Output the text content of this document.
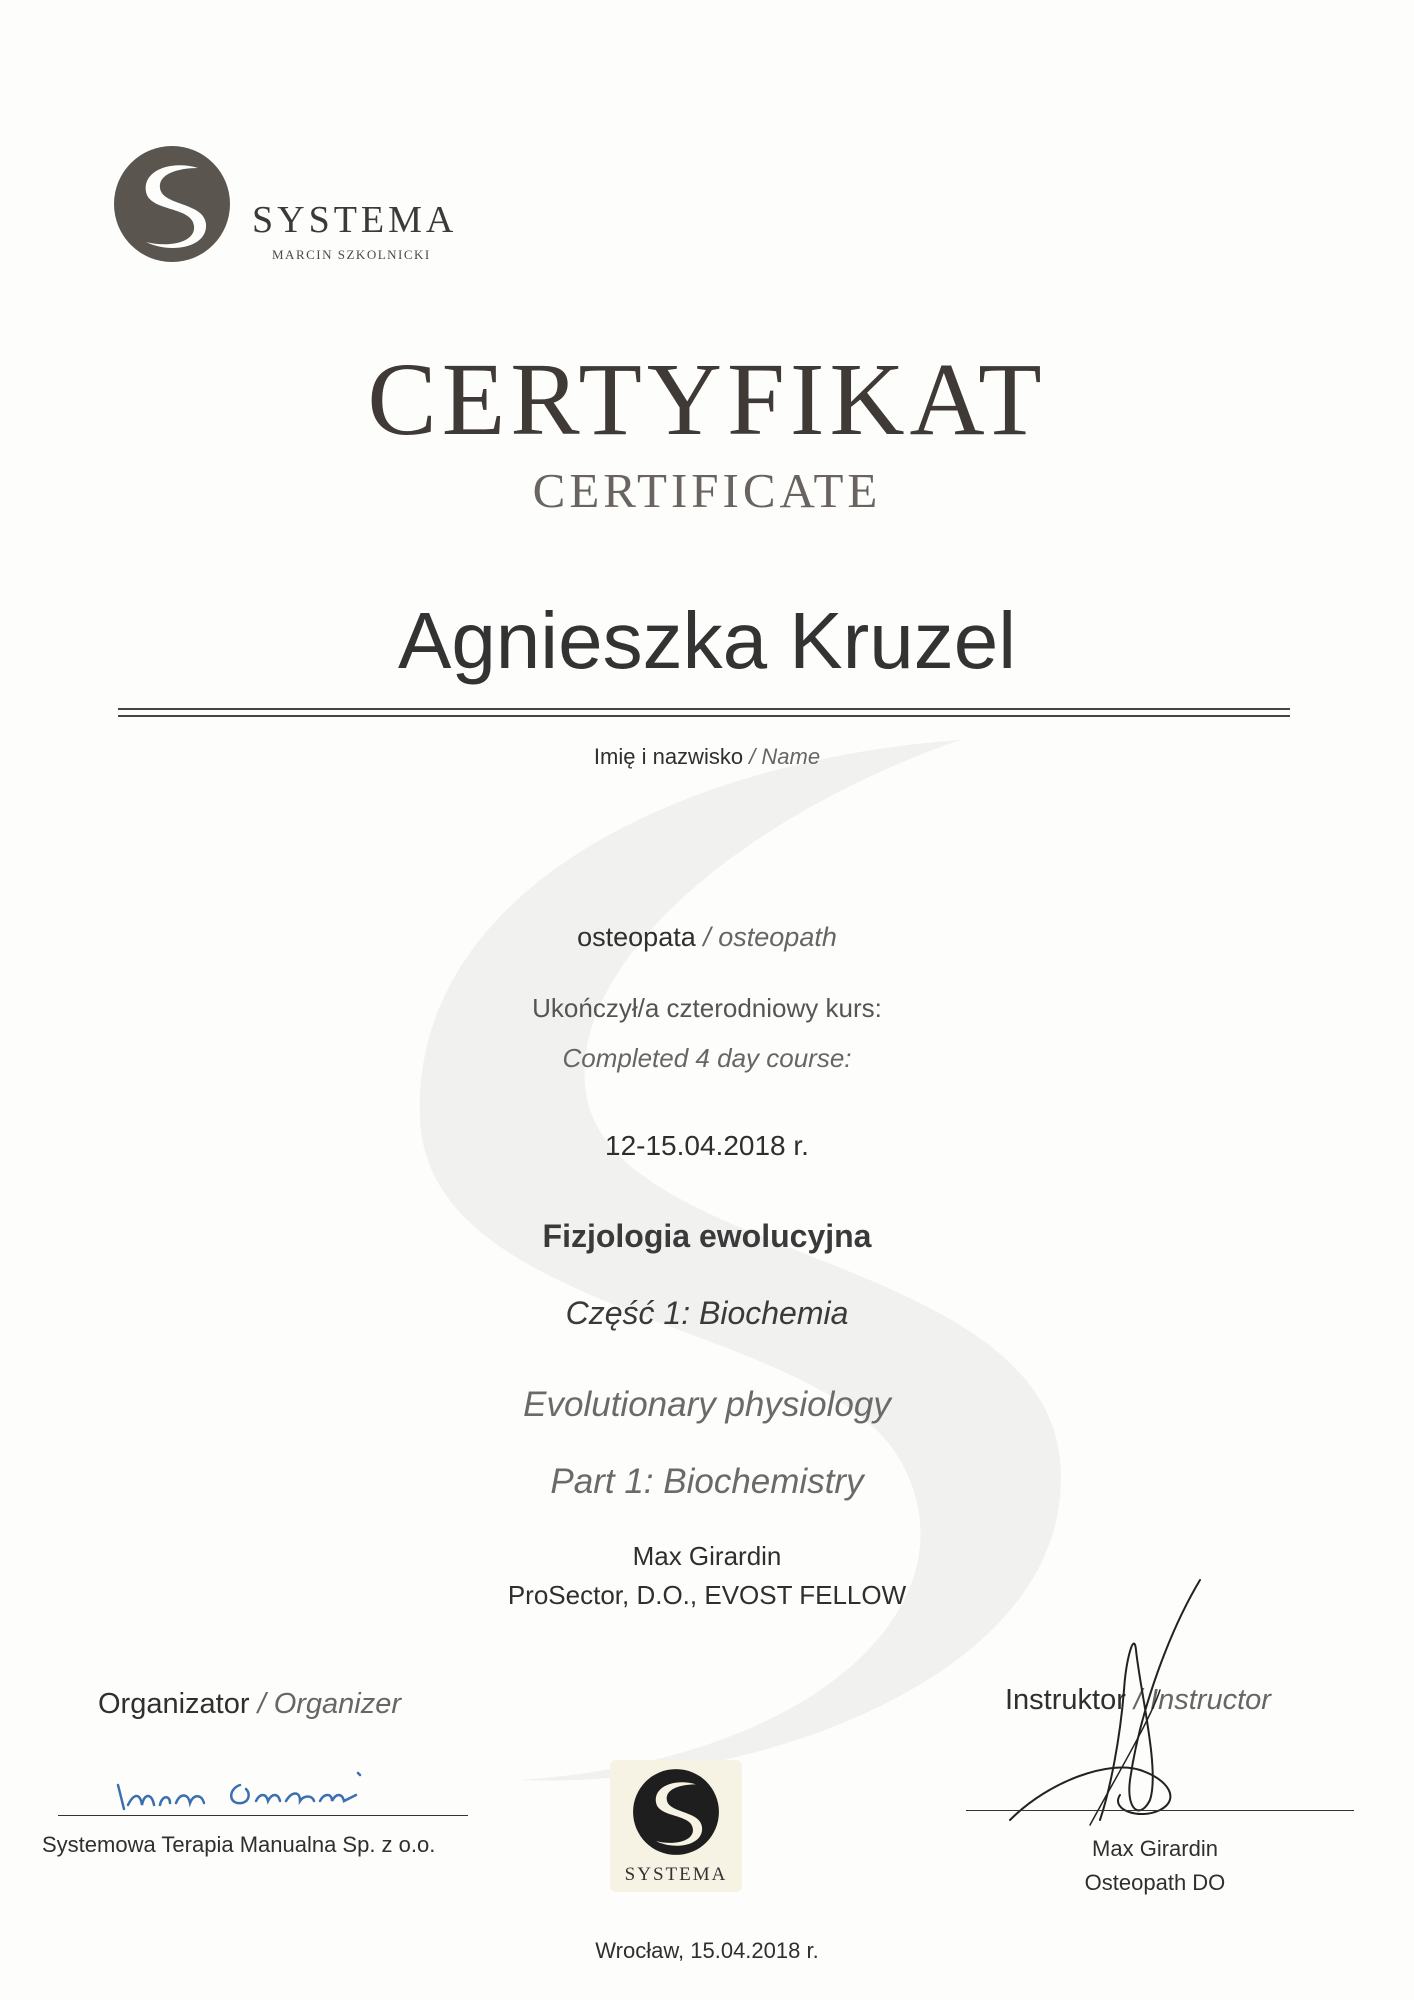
SYSTEMA
MARCIN SZKOLNICKI
CERTYFIKAT
CERTIFICATE
Agnieszka Kruzel
Imię i nazwisko / Name
osteopata / osteopath
Ukończył/a czterodniowy kurs:
Completed 4 day course:
12-15.04.2018 r.
Fizjologia ewolucyjna
Część 1: Biochemia
Evolutionary physiology
Part 1: Biochemistry
Max Girardin
ProSector, D.O., EVOST FELLOW
Organizator / Organizer
Systemowa Terapia Manualna Sp. z o.o.
SYSTEMA
Instruktor / Instructor
Max Girardin
Osteopath DO
Wrocław, 15.04.2018 r.
